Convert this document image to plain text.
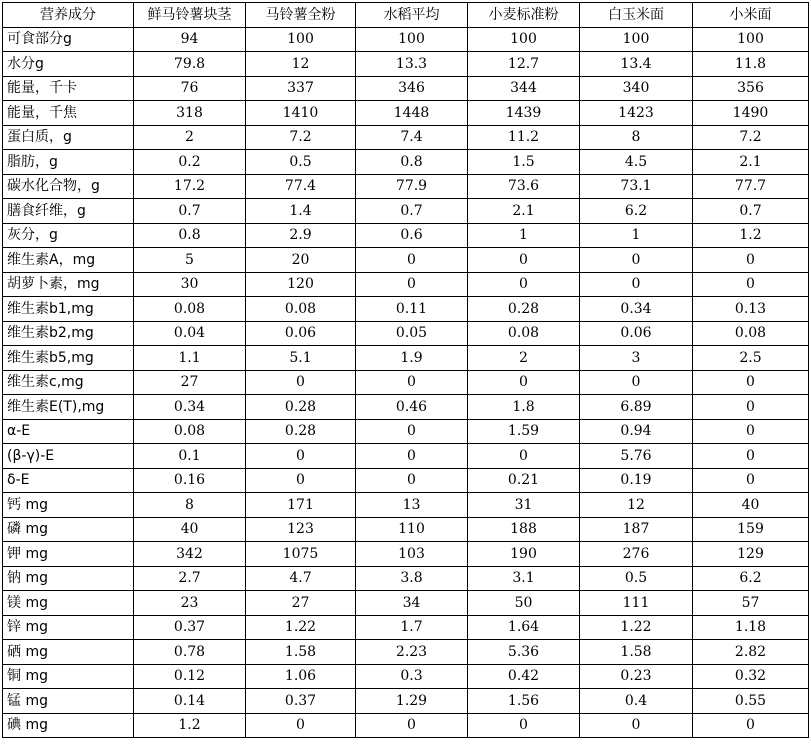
营养成分	鲜马铃薯块茎	马铃薯全粉	水稻平均	小麦标准粉	白玉米面	小米面
可食部分g	94	100	100	100	100	100
水分g	79.8	12	13.3	12.7	13.4	11.8
能量，千卡	76	337	346	344	340	356
能量，千焦	318	1410	1448	1439	1423	1490
蛋白质，g	2	7.2	7.4	11.2	8	7.2
脂肪，g	0.2	0.5	0.8	1.5	4.5	2.1
碳水化合物，g	17.2	77.4	77.9	73.6	73.1	77.7
膳食纤维，g	0.7	1.4	0.7	2.1	6.2	0.7
灰分，g	0.8	2.9	0.6	1	1	1.2
维生素A，mg	5	20	0	0	0	0
胡萝卜素，mg	30	120	0	0	0	0
维生素b1,mg	0.08	0.08	0.11	0.28	0.34	0.13
维生素b2,mg	0.04	0.06	0.05	0.08	0.06	0.08
维生素b5,mg	1.1	5.1	1.9	2	3	2.5
维生素c,mg	27	0	0	0	0	0
维生素E(T),mg	0.34	0.28	0.46	1.8	6.89	0
α-E	0.08	0.28	0	1.59	0.94	0
(β-γ)-E	0.1	0	0	0	5.76	0
δ-E	0.16	0	0	0.21	0.19	0
钙 mg	8	171	13	31	12	40
磷 mg	40	123	110	188	187	159
钾 mg	342	1075	103	190	276	129
钠 mg	2.7	4.7	3.8	3.1	0.5	6.2
镁 mg	23	27	34	50	111	57
锌 mg	0.37	1.22	1.7	1.64	1.22	1.18
硒 mg	0.78	1.58	2.23	5.36	1.58	2.82
铜 mg	0.12	1.06	0.3	0.42	0.23	0.32
锰 mg	0.14	0.37	1.29	1.56	0.4	0.55
碘 mg	1.2	0	0	0	0	0
